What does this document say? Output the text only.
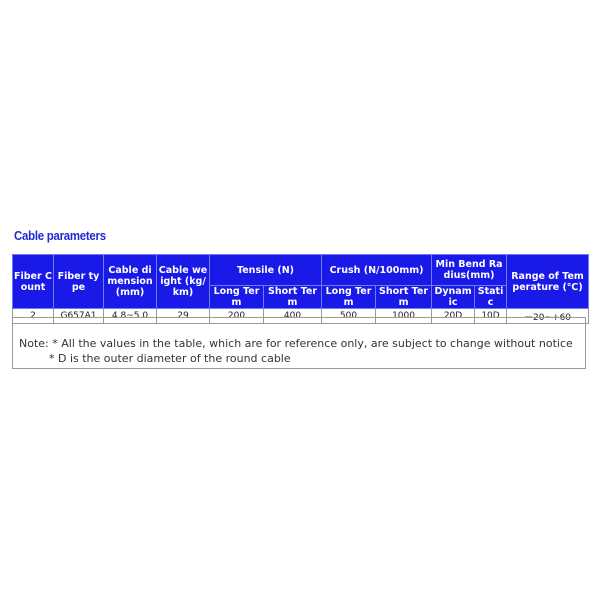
Cable parameters
Fiber Count	Fiber type	Cable dimension (mm)	Cable weight (kg/km)	Tensile (N)		Crush (N/100mm)		Min Bend Radius(mm)		Range of Temperature (℃)
				Long Term	Short Term	Long Term	Short Term	Dynamic	Static	
2	G657A1	4.8~5.0	29	200	400	500	1000	20D	10D	－20~+60
Note: * All the values in the table, which are for reference only, are subject to change without notice
* D is the outer diameter of the round cable
